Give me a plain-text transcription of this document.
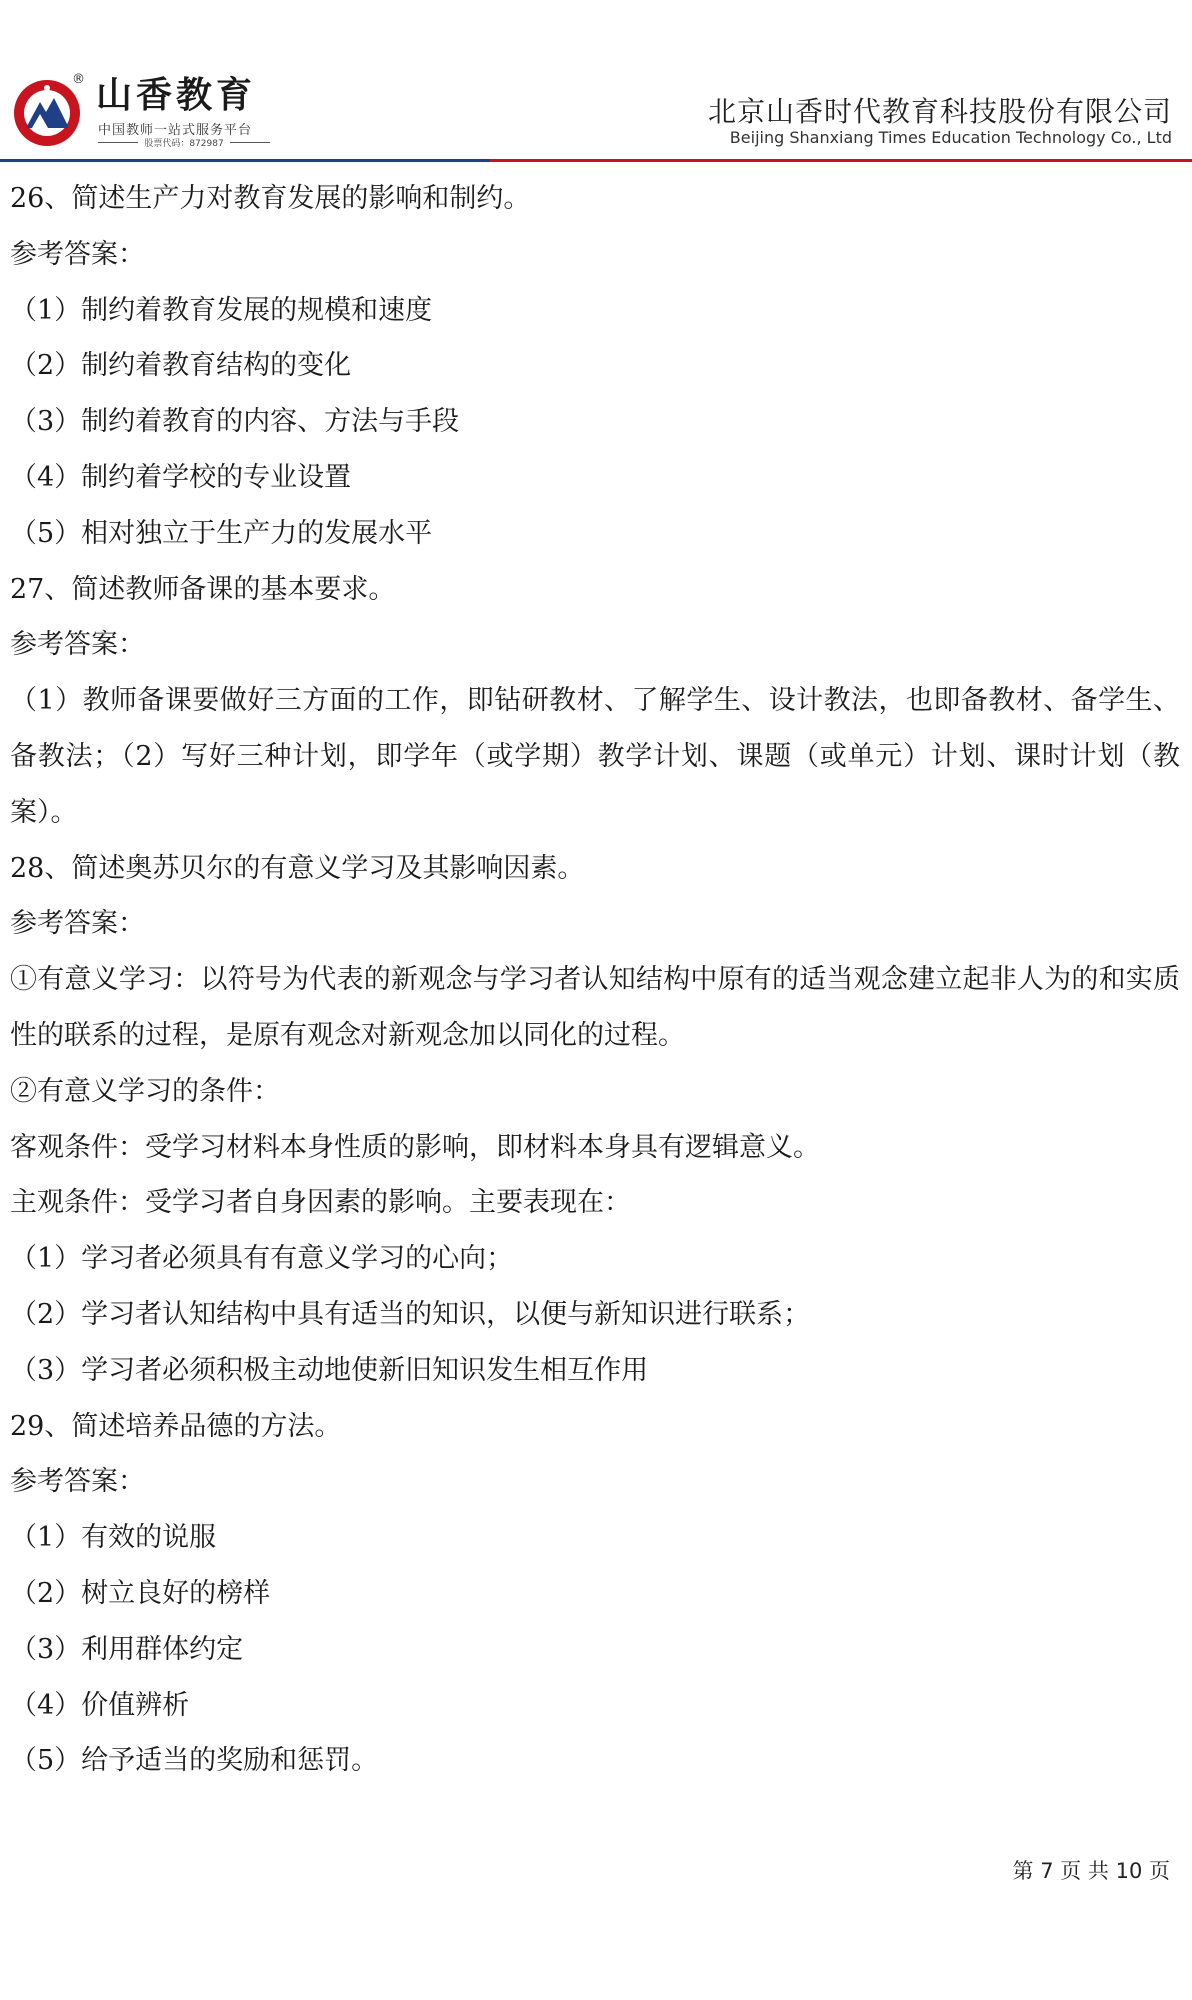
® 山香教育
中国教师一站式服务平台
股票代码：872987
北京山香时代教育科技股份有限公司
Beijing Shanxiang Times Education Technology Co., Ltd

26、简述生产力对教育发展的影响和制约。

参考答案：

（1）制约着教育发展的规模和速度

（2）制约着教育结构的变化

（3）制约着教育的内容、方法与手段

（4）制约着学校的专业设置

（5）相对独立于生产力的发展水平

27、简述教师备课的基本要求。

参考答案：

（1）教师备课要做好三方面的工作，即钻研教材、了解学生、设计教法，也即备教材、备学生、备教法；（2）写好三种计划，即学年（或学期）教学计划、课题（或单元）计划、课时计划（教案）。

28、简述奥苏贝尔的有意义学习及其影响因素。

参考答案：

①有意义学习：以符号为代表的新观念与学习者认知结构中原有的适当观念建立起非人为的和实质性的联系的过程，是原有观念对新观念加以同化的过程。

②有意义学习的条件：

客观条件：受学习材料本身性质的影响，即材料本身具有逻辑意义。

主观条件：受学习者自身因素的影响。主要表现在：

（1）学习者必须具有有意义学习的心向；

（2）学习者认知结构中具有适当的知识，以便与新知识进行联系；

（3）学习者必须积极主动地使新旧知识发生相互作用

29、简述培养品德的方法。

参考答案：

（1）有效的说服

（2）树立良好的榜样

（3）利用群体约定

（4）价值辨析

（5）给予适当的奖励和惩罚。

第 7 页 共 10 页
